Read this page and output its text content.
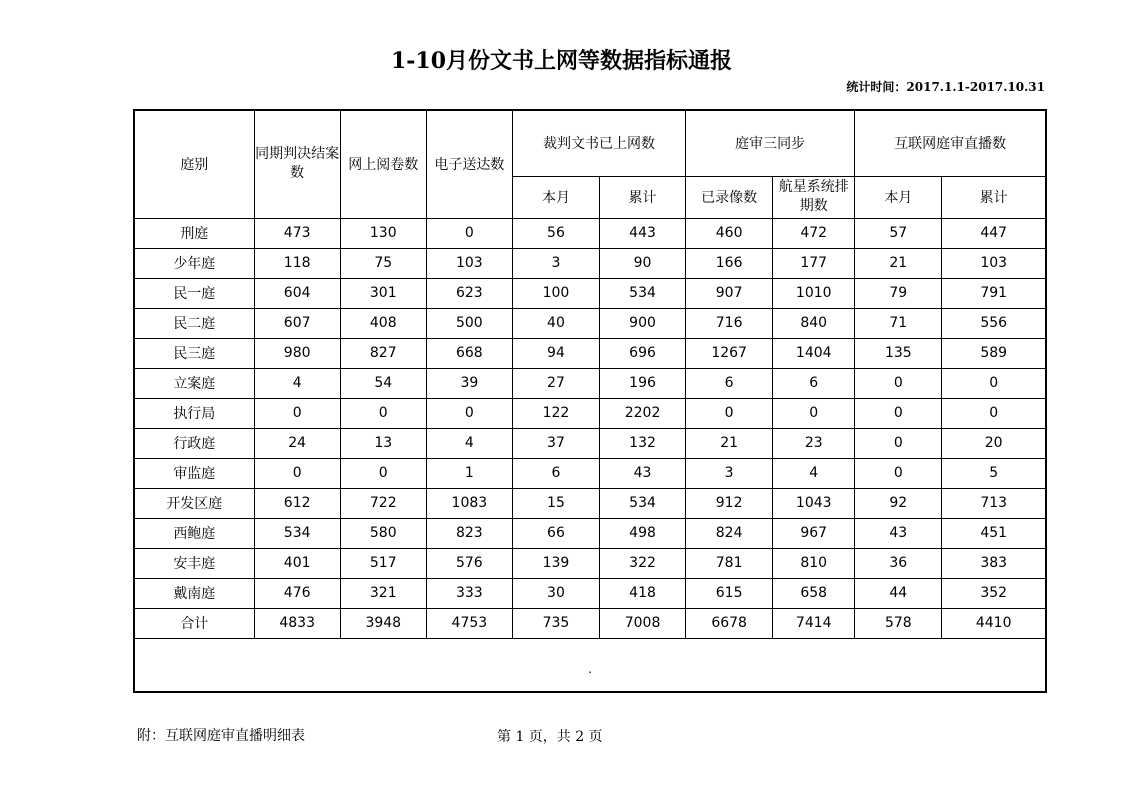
1-10月份文书上网等数据指标通报
统计时间：2017.1.1-2017.10.31
庭别	同期判决结案数	网上阅卷数	电子送达数	裁判文书已上网数		庭审三同步		互联网庭审直播数	
				本月	累计	已录像数	航星系统排期数	本月	累计
刑庭	473	130	0	56	443	460	472	57	447
少年庭	118	75	103	3	90	166	177	21	103
民一庭	604	301	623	100	534	907	1010	79	791
民二庭	607	408	500	40	900	716	840	71	556
民三庭	980	827	668	94	696	1267	1404	135	589
立案庭	4	54	39	27	196	6	6	0	0
执行局	0	0	0	122	2202	0	0	0	0
行政庭	24	13	4	37	132	21	23	0	20
审监庭	0	0	1	6	43	3	4	0	5
开发区庭	612	722	1083	15	534	912	1043	92	713
西鲍庭	534	580	823	66	498	824	967	43	451
安丰庭	401	517	576	139	322	781	810	36	383
戴南庭	476	321	333	30	418	615	658	44	352
合计	4833	3948	4753	735	7008	6678	7414	578	4410
.									
附：互联网庭审直播明细表	第 1 页，共 2 页
